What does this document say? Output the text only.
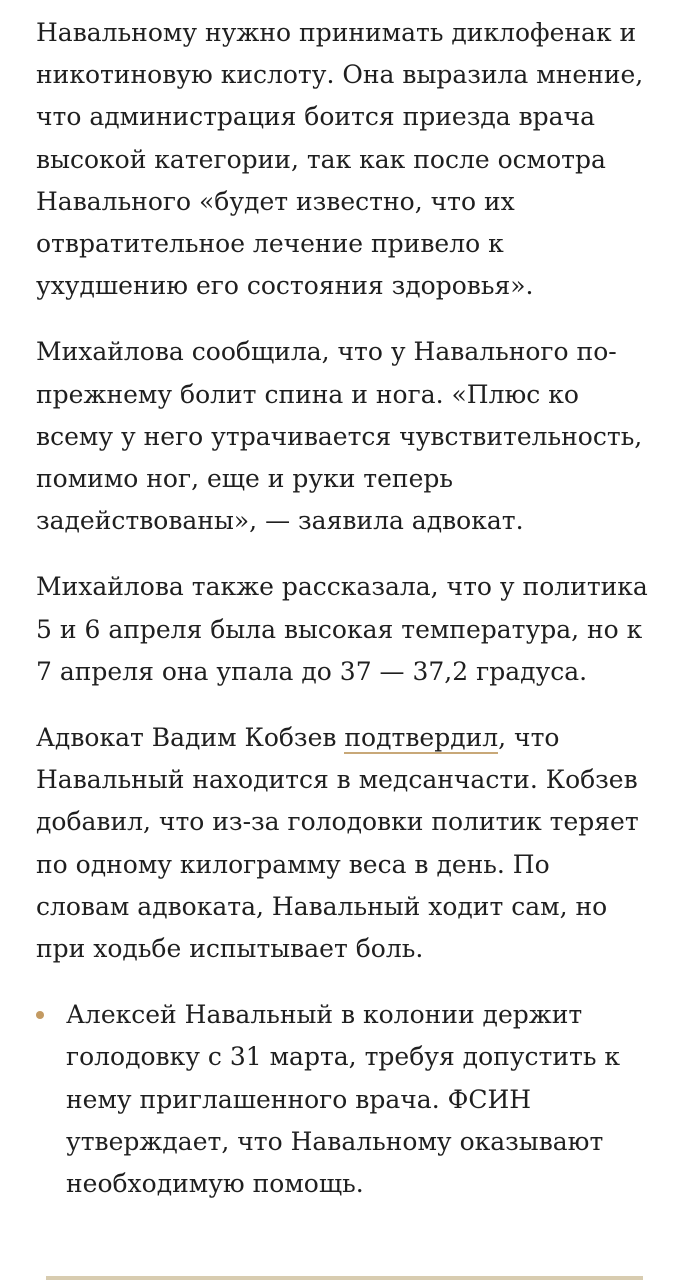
Навальному нужно принимать диклофенак и никотиновую кислоту. Она выразила мнение, что администрация боится приезда врача высокой категории, так как после осмотра Навального «будет известно, что их отвратительное лечение привело к ухудшению его состояния здоровья».

Михайлова сообщила, что у Навального по-прежнему болит спина и нога. «Плюс ко всему у него утрачивается чувствительность, помимо ног, еще и руки теперь задействованы», — заявила адвокат.

Михайлова также рассказала, что у политика 5 и 6 апреля была высокая температура, но к 7 апреля она упала до 37 — 37,2 градуса.

Адвокат Вадим Кобзев подтвердил, что Навальный находится в медсанчасти. Кобзев добавил, что из-за голодовки политик теряет по одному килограмму веса в день. По словам адвоката, Навальный ходит сам, но при ходьбе испытывает боль.

Алексей Навальный в колонии держит голодовку с 31 марта, требуя допустить к нему приглашенного врача. ФСИН утверждает, что Навальному оказывают необходимую помощь.
